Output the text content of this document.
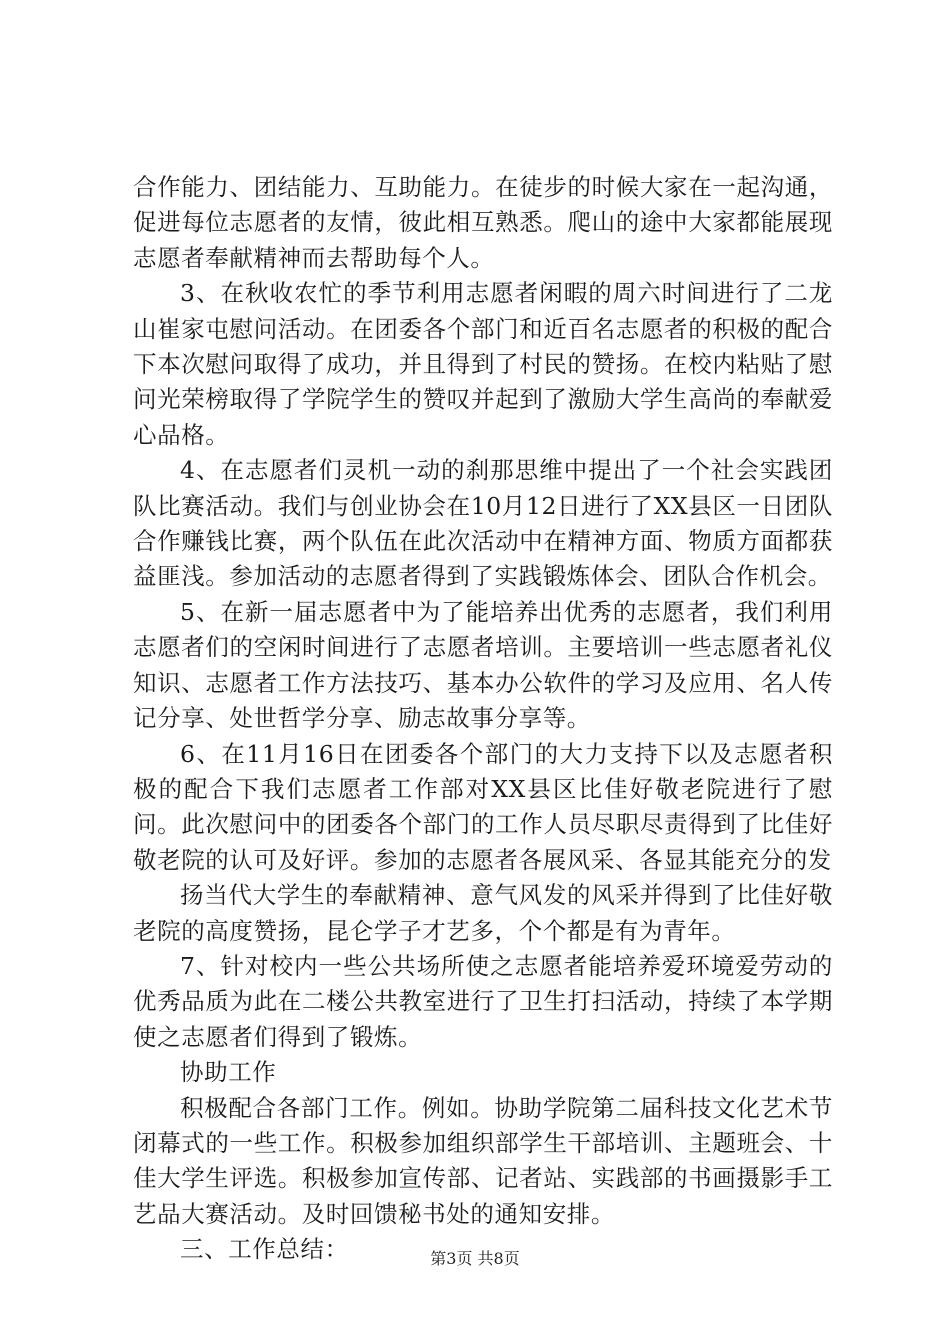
合作能力、团结能力、互助能力。在徒步的时候大家在一起沟通，促进每位志愿者的友情，彼此相互熟悉。爬山的途中大家都能展现志愿者奉献精神而去帮助每个人。

3、在秋收农忙的季节利用志愿者闲暇的周六时间进行了二龙山崔家屯慰问活动。在团委各个部门和近百名志愿者的积极的配合下本次慰问取得了成功，并且得到了村民的赞扬。在校内粘贴了慰问光荣榜取得了学院学生的赞叹并起到了激励大学生高尚的奉献爱心品格。

4、在志愿者们灵机一动的刹那思维中提出了一个社会实践团队比赛活动。我们与创业协会在10月12日进行了XX县区一日团队合作赚钱比赛，两个队伍在此次活动中在精神方面、物质方面都获益匪浅。参加活动的志愿者得到了实践锻炼体会、团队合作机会。

5、在新一届志愿者中为了能培养出优秀的志愿者，我们利用志愿者们的空闲时间进行了志愿者培训。主要培训一些志愿者礼仪知识、志愿者工作方法技巧、基本办公软件的学习及应用、名人传记分享、处世哲学分享、励志故事分享等。

6、在11月16日在团委各个部门的大力支持下以及志愿者积极的配合下我们志愿者工作部对XX县区比佳好敬老院进行了慰问。此次慰问中的团委各个部门的工作人员尽职尽责得到了比佳好敬老院的认可及好评。参加的志愿者各展风采、各显其能充分的发

扬当代大学生的奉献精神、意气风发的风采并得到了比佳好敬老院的高度赞扬，昆仑学子才艺多，个个都是有为青年。

7、针对校内一些公共场所使之志愿者能培养爱环境爱劳动的优秀品质为此在二楼公共教室进行了卫生打扫活动，持续了本学期使之志愿者们得到了锻炼。

协助工作

积极配合各部门工作。例如。协助学院第二届科技文化艺术节闭幕式的一些工作。积极参加组织部学生干部培训、主题班会、十佳大学生评选。积极参加宣传部、记者站、实践部的书画摄影手工艺品大赛活动。及时回馈秘书处的通知安排。

三、工作总结：	第3页 共8页
